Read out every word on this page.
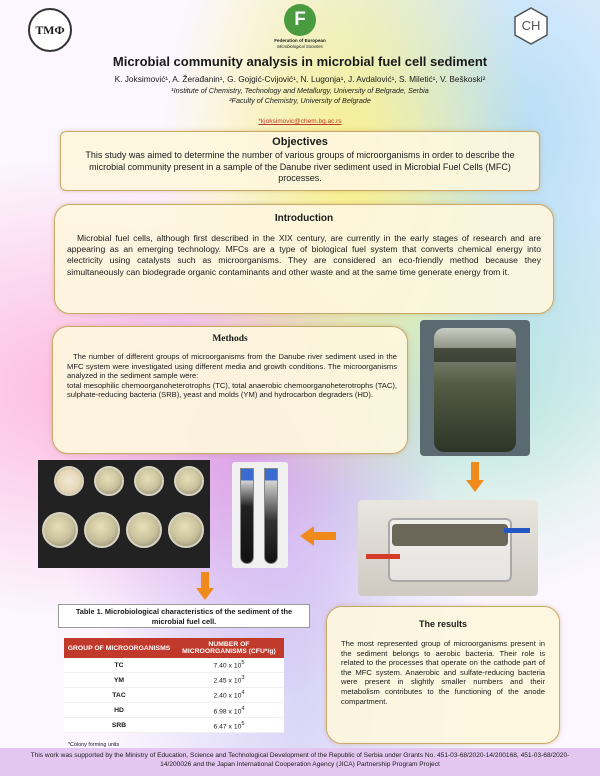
ТМФ	F
Federation of European
Microbiological Societies
CH
Microbial community analysis in microbial fuel cell sediment
K. Joksimović¹, A. Žerađanin¹, G. Gojgić-Cvijović¹, N. Lugonja¹, J. Avdalović¹, S. Miletić¹, V. Beškoski²
¹Institute of Chemistry, Technology and Metallurgy, University of Belgrade, Serbia
²Faculty of Chemistry, University of Belgrade
*kjoksimovic@chem.bg.ac.rs
Objectives
This study was aimed to determine the number of various groups of microorganisms in order to describe the microbial community present in a sample of the Danube river sediment used in Microbial Fuel Cells (MFC) processes.
Introduction
Microbial fuel cells, although first described in the XIX century, are currently in the early stages of research and are appearing as an emerging technology. MFCs are a type of biological fuel system that converts chemical energy into electricity using catalysts such as microorganisms. They are considered an eco-friendly method because they simultaneously can biodegrade organic contaminants and other waste and at the same time generate energy from it.
Methods
The number of different groups of microorganisms from the Danube river sediment used in the MFC system were investigated using different media and growth conditions. The microorganisms analyzed in the sediment sample were:
total mesophilic chemoorganoheterotrophs (TC), total anaerobic chemoorganoheterotrophs (TAC), sulphate-reducing bacteria (SRB), yeast and molds (YM) and hydrocarbon degraders (HD).
Table 1. Microbiological characteristics of the sediment of the microbial fuel cell.
GROUP OF MICROORGANISMS	NUMBER OF MICROORGANISMS (CFU*/g)
TC	7.40 x $10^5$
YM	2.45 x $10^3$
TAC	2.40 x $10^4$
HD	6.98 x $10^4$
SRB	6.47 x $10^5$
*Colony forming units
The results
The most represented group of microorganisms present in the sediment belongs to aerobic bacteria. Their role is related to the processes that operate on the cathode part of the MFC system. Anaerobic and sulfate-reducing bacteria were present in slightly smaller numbers and their metabolism contributes to the functioning of the anode compartment.
This work was supported by the Ministry of Education, Science and Technological Development of the Republic of Serbia under Grants No. 451-03-68/2020-14/200168, 451-03-68/2020-14/200026 and the Japan International Cooperation Agency (JICA) Partnership Program Project
